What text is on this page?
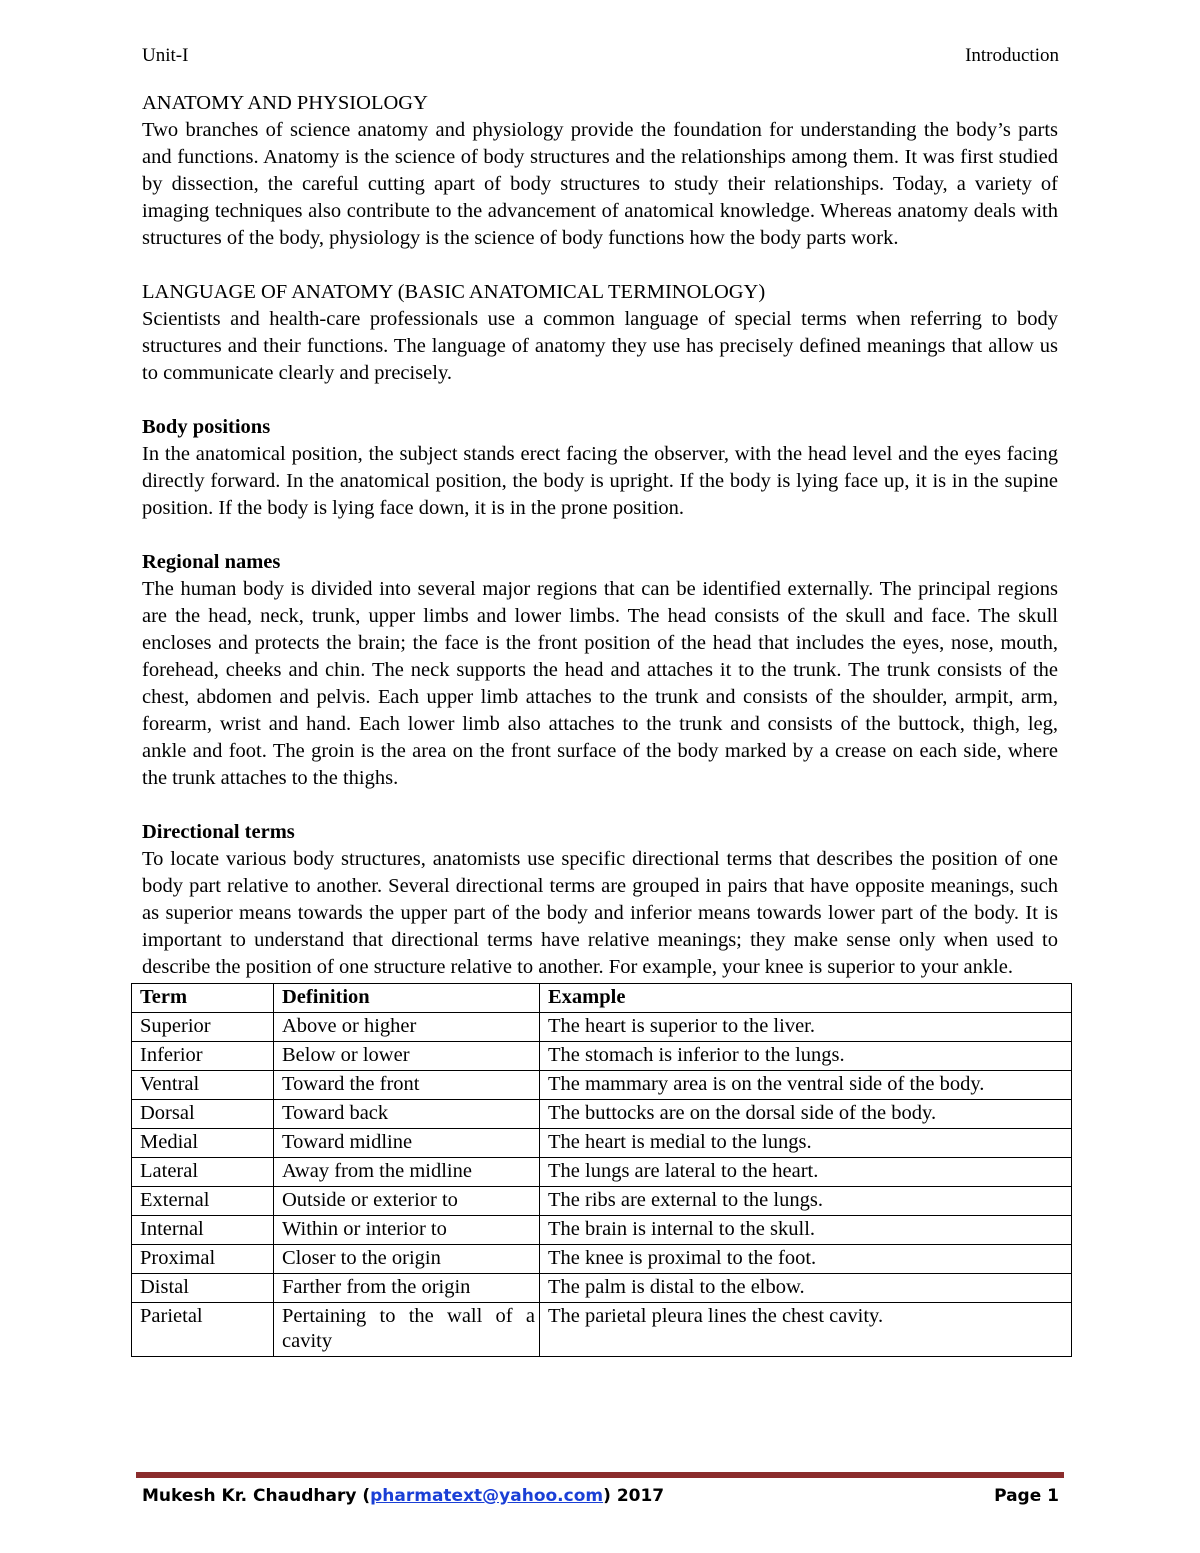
Unit-I	Introduction
ANATOMY AND PHYSIOLOGY

Two branches of science anatomy and physiology provide the foundation for understanding the body’s parts and functions. Anatomy is the science of body structures and the relationships among them. It was first studied by dissection, the careful cutting apart of body structures to study their relationships. Today, a variety of imaging techniques also contribute to the advancement of anatomical knowledge. Whereas anatomy deals with structures of the body, physiology is the science of body functions how the body parts work.

LANGUAGE OF ANATOMY (BASIC ANATOMICAL TERMINOLOGY)

Scientists and health-care professionals use a common language of special terms when referring to body structures and their functions. The language of anatomy they use has precisely defined meanings that allow us to communicate clearly and precisely.

Body positions

In the anatomical position, the subject stands erect facing the observer, with the head level and the eyes facing directly forward. In the anatomical position, the body is upright. If the body is lying face up, it is in the supine position. If the body is lying face down, it is in the prone position.

Regional names

The human body is divided into several major regions that can be identified externally. The principal regions are the head, neck, trunk, upper limbs and lower limbs. The head consists of the skull and face. The skull encloses and protects the brain; the face is the front position of the head that includes the eyes, nose, mouth, forehead, cheeks and chin. The neck supports the head and attaches it to the trunk. The trunk consists of the chest, abdomen and pelvis. Each upper limb attaches to the trunk and consists of the shoulder, armpit, arm, forearm, wrist and hand. Each lower limb also attaches to the trunk and consists of the buttock, thigh, leg, ankle and foot. The groin is the area on the front surface of the body marked by a crease on each side, where the trunk attaches to the thighs.

Directional terms

To locate various body structures, anatomists use specific directional terms that describes the position of one body part relative to another. Several directional terms are grouped in pairs that have opposite meanings, such as superior means towards the upper part of the body and inferior means towards lower part of the body. It is important to understand that directional terms have relative meanings; they make sense only when used to describe the position of one structure relative to another. For example, your knee is superior to your ankle.

Term	Definition	Example
Superior	Above or higher	The heart is superior to the liver.
Inferior	Below or lower	The stomach is inferior to the lungs.
Ventral	Toward the front	The mammary area is on the ventral side of the body.
Dorsal	Toward back	The buttocks are on the dorsal side of the body.
Medial	Toward midline	The heart is medial to the lungs.
Lateral	Away from the midline	The lungs are lateral to the heart.
External	Outside or exterior to	The ribs are external to the lungs.
Internal	Within or interior to	The brain is internal to the skull.
Proximal	Closer to the origin	The knee is proximal to the foot.
Distal	Farther from the origin	The palm is distal to the elbow.
Parietal	Pertaining to the wall of a cavity	The parietal pleura lines the chest cavity.
Mukesh Kr. Chaudhary (pharmatext@yahoo.com) 2017	Page 1
